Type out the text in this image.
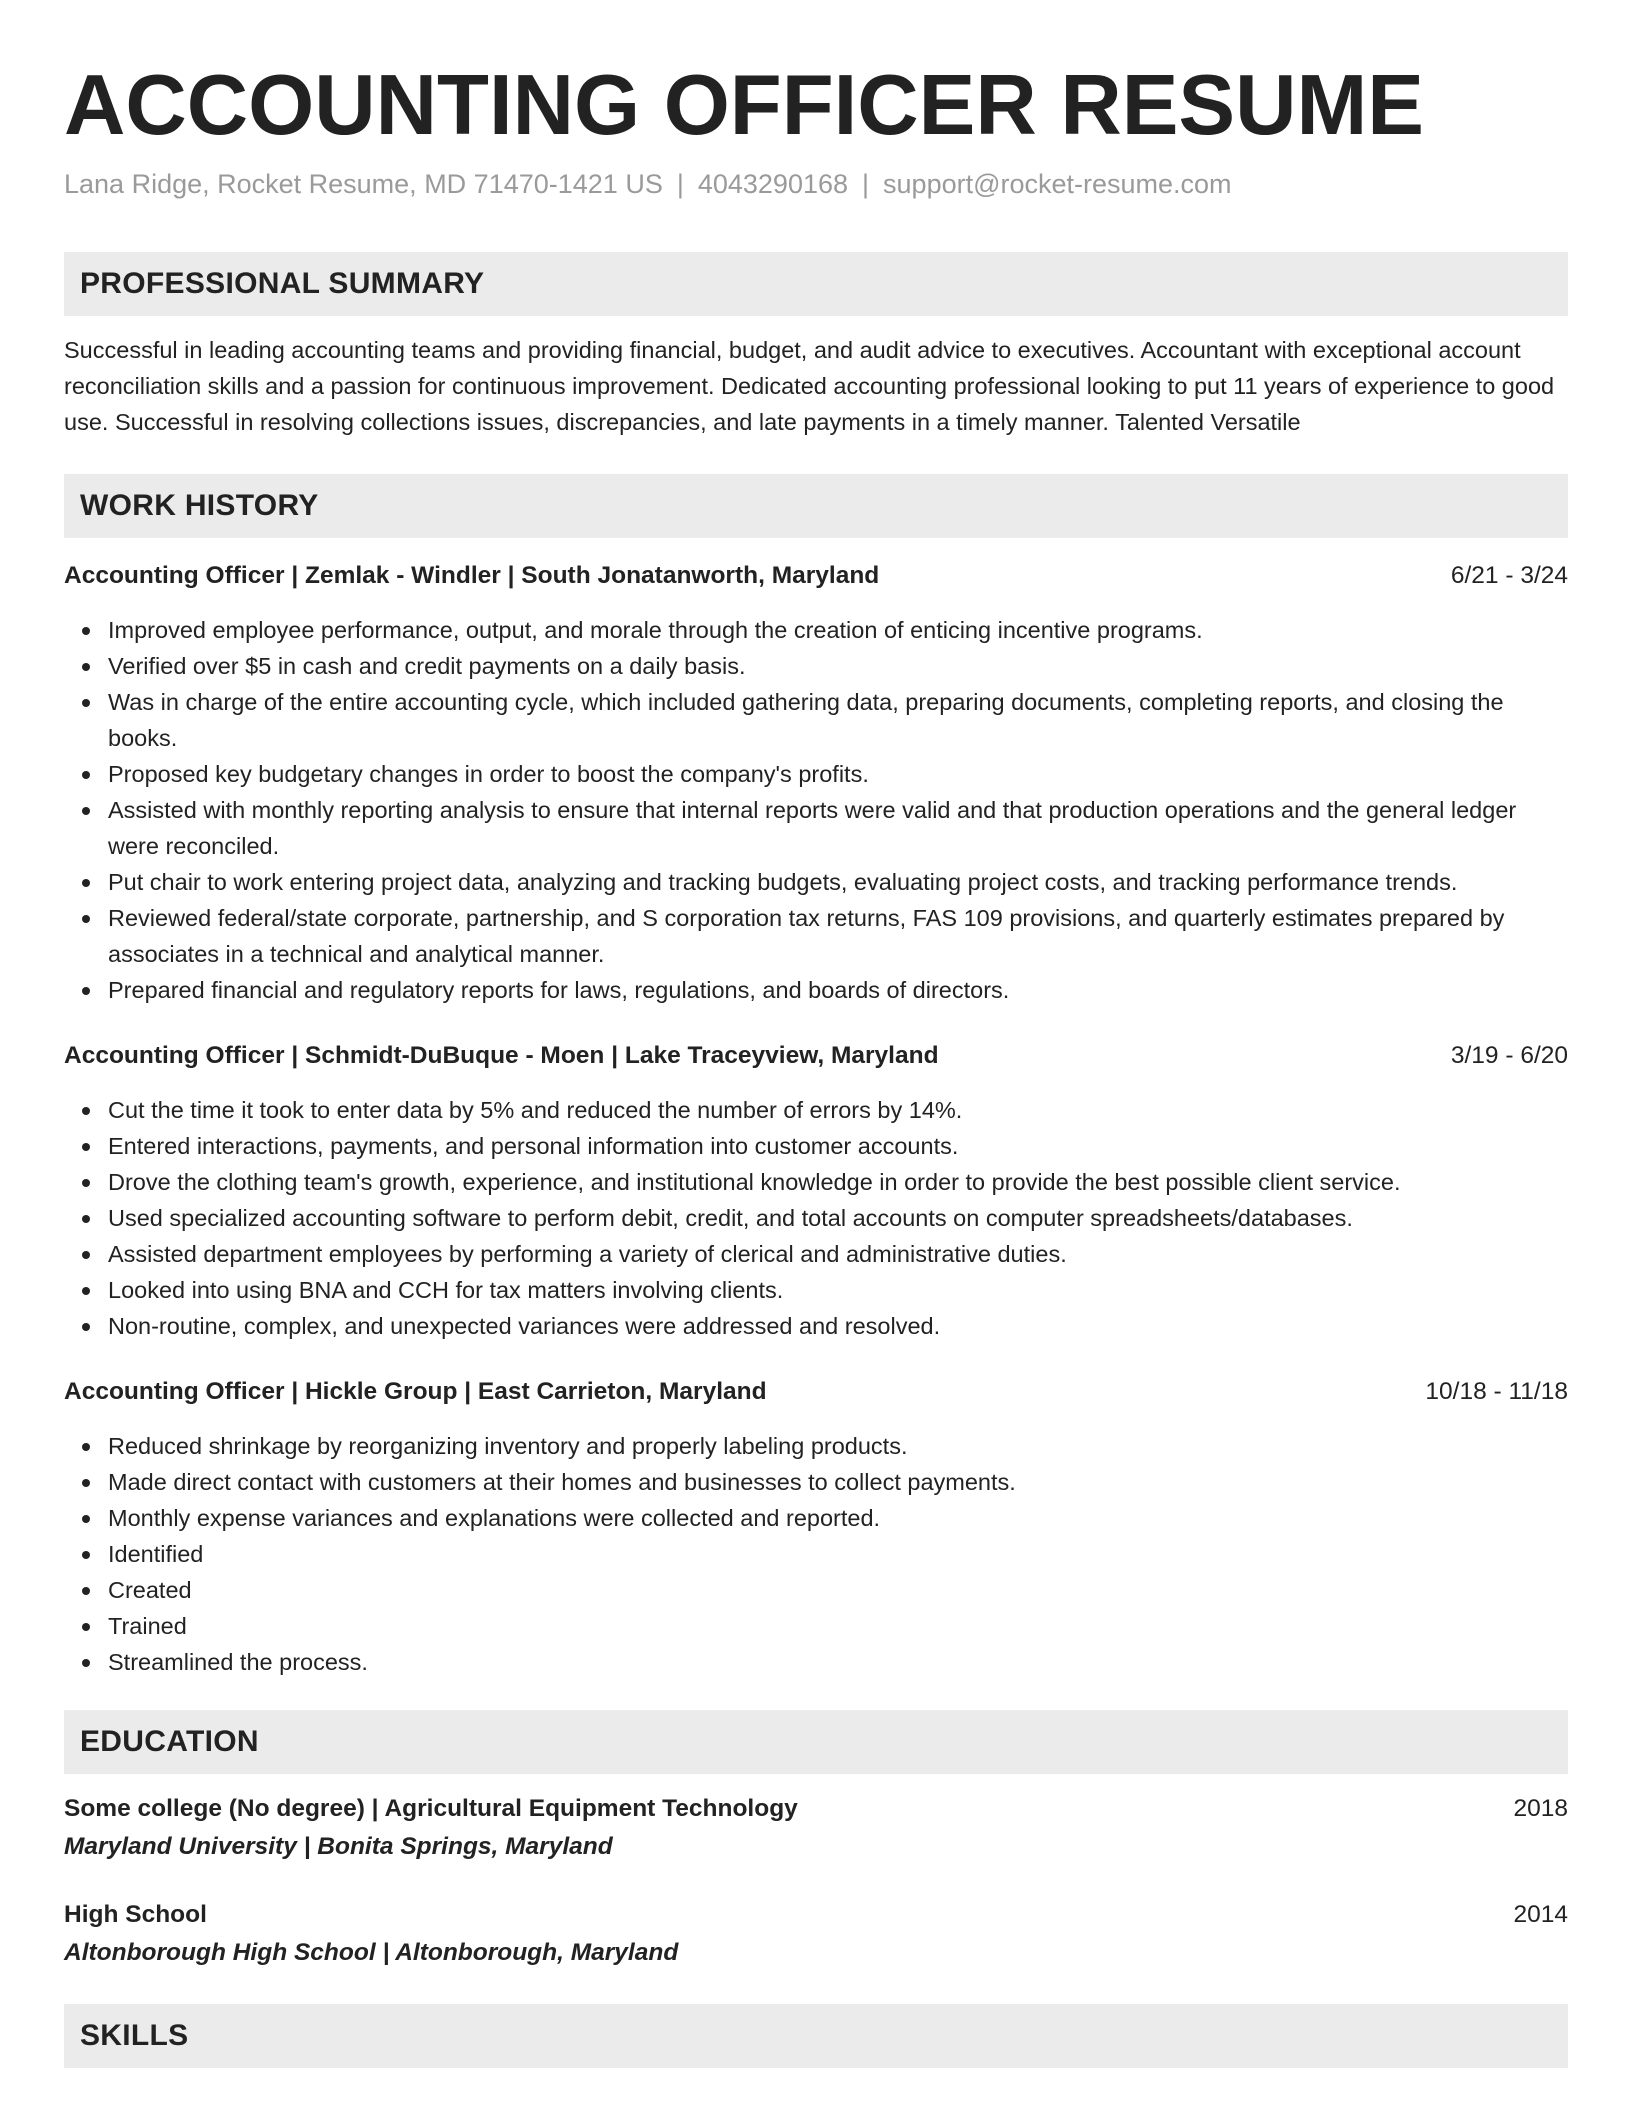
ACCOUNTING OFFICER RESUME
Lana Ridge, Rocket Resume, MD 71470-1421 US | 4043290168 | support@rocket-resume.com
PROFESSIONAL SUMMARY

Successful in leading accounting teams and providing financial, budget, and audit advice to executives. Accountant with exceptional account reconciliation skills and a passion for continuous improvement. Dedicated accounting professional looking to put 11 years of experience to good use. Successful in resolving collections issues, discrepancies, and late payments in a timely manner. Talented Versatile

WORK HISTORY
Accounting Officer | Zemlak - Windler | South Jonatanworth, Maryland	6/21 - 3/24
Improved employee performance, output, and morale through the creation of enticing incentive programs.
Verified over $5 in cash and credit payments on a daily basis.
Was in charge of the entire accounting cycle, which included gathering data, preparing documents, completing reports, and closing the books.
Proposed key budgetary changes in order to boost the company's profits.
Assisted with monthly reporting analysis to ensure that internal reports were valid and that production operations and the general ledger were reconciled.
Put chair to work entering project data, analyzing and tracking budgets, evaluating project costs, and tracking performance trends.
Reviewed federal/state corporate, partnership, and S corporation tax returns, FAS 109 provisions, and quarterly estimates prepared by associates in a technical and analytical manner.
Prepared financial and regulatory reports for laws, regulations, and boards of directors.
Accounting Officer | Schmidt-DuBuque - Moen | Lake Traceyview, Maryland	3/19 - 6/20
Cut the time it took to enter data by 5% and reduced the number of errors by 14%.
Entered interactions, payments, and personal information into customer accounts.
Drove the clothing team's growth, experience, and institutional knowledge in order to provide the best possible client service.
Used specialized accounting software to perform debit, credit, and total accounts on computer spreadsheets/databases.
Assisted department employees by performing a variety of clerical and administrative duties.
Looked into using BNA and CCH for tax matters involving clients.
Non-routine, complex, and unexpected variances were addressed and resolved.
Accounting Officer | Hickle Group | East Carrieton, Maryland	10/18 - 11/18
Reduced shrinkage by reorganizing inventory and properly labeling products.
Made direct contact with customers at their homes and businesses to collect payments.
Monthly expense variances and explanations were collected and reported.
Identified
Created
Trained
Streamlined the process.
EDUCATION
Some college (No degree) | Agricultural Equipment Technology	2018
Maryland University | Bonita Springs, Maryland
High School	2014
Altonborough High School | Altonborough, Maryland
SKILLS
